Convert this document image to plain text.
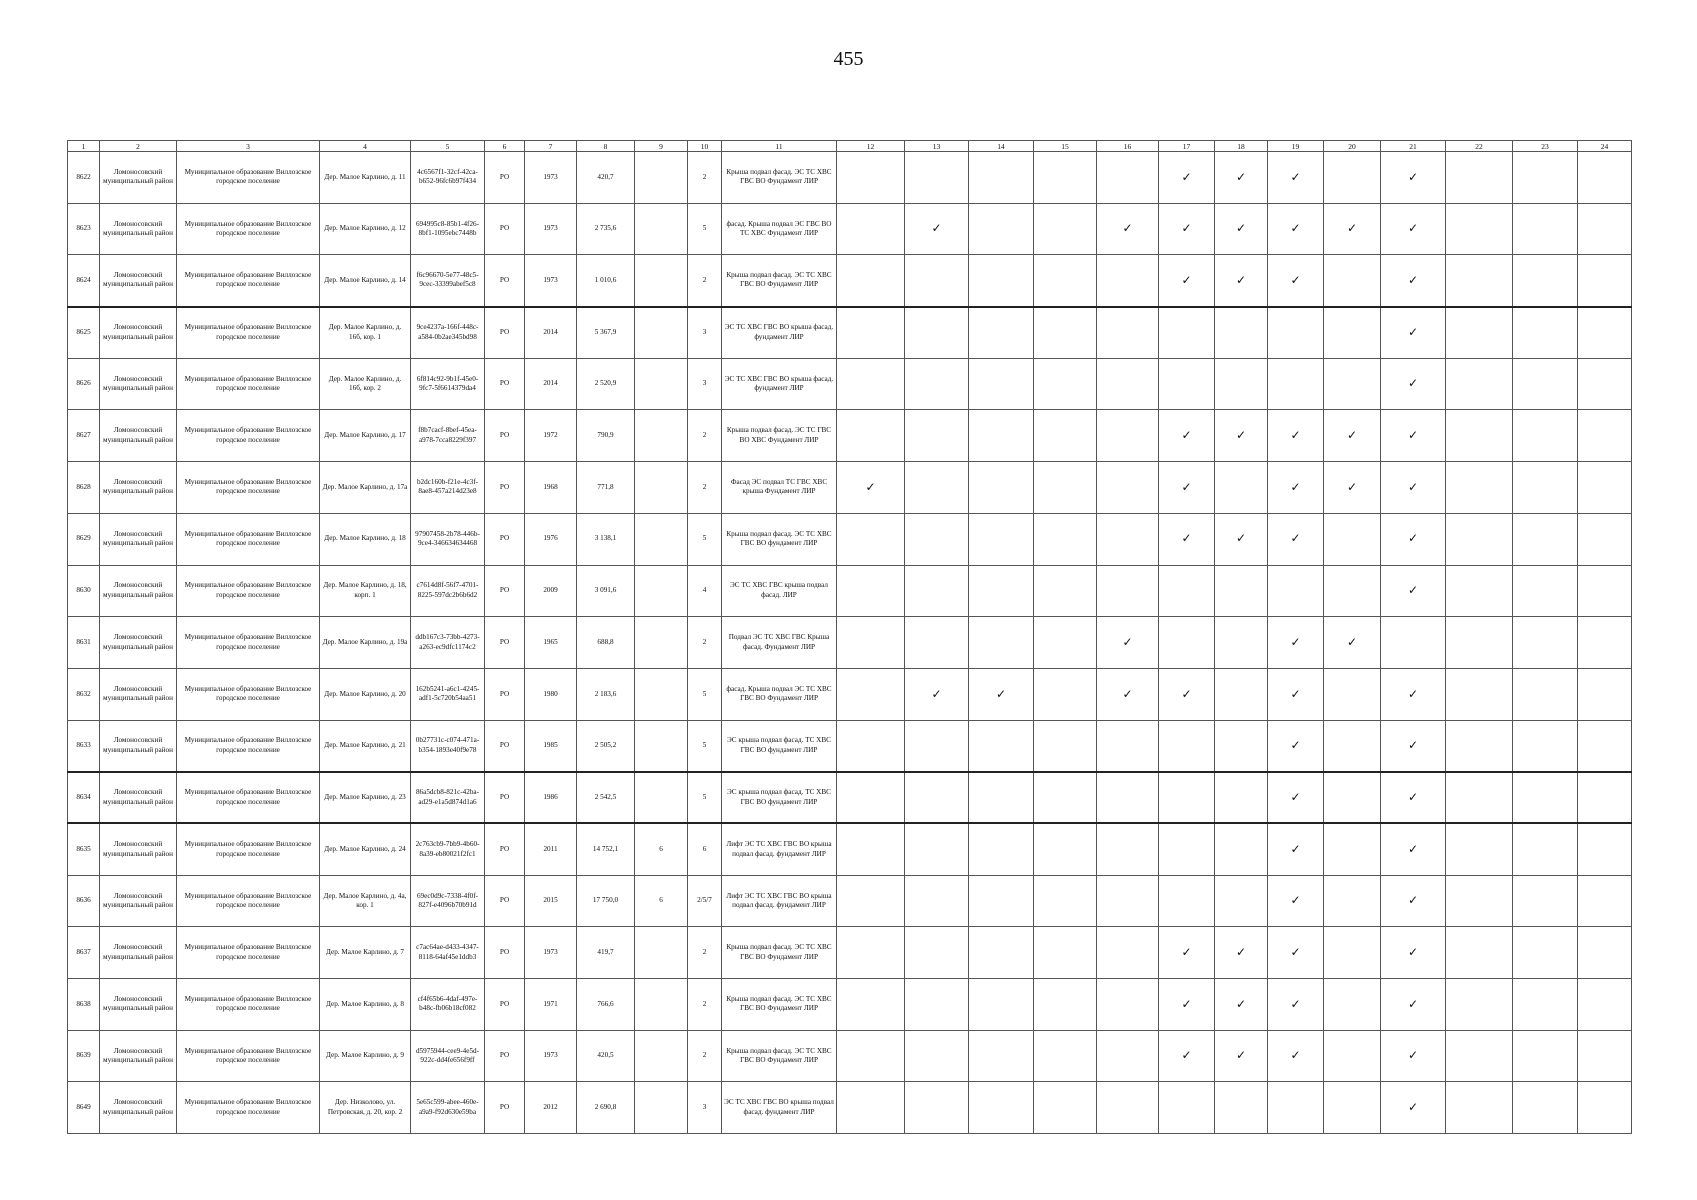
455
1	2	3	4	5	6	7	8	9	10	11	12	13	14	15	16	17	18	19	20	21	22	23	24
8622	Ломоносовский муниципальный район	Муниципальное образование Виллозское городское поселение	Дер. Малое Карлино, д. 11	4c6567f1-32cf-42ca-b652-96fc6b97f434	РО	1973	420,7		2	Крыша подвал фасад. ЭС ТС ХВС ГВС ВО Фундамент ЛИР						✓	✓	✓		✓			
8623	Ломоносовский муниципальный район	Муниципальное образование Виллозское городское поселение	Дер. Малое Карлино, д. 12	694995c8-85b1-4f26-8bf1-1095ebc7448b	РО	1973	2 735,6		5	фасад. Крыша подвал ЭС ГВС ВО ТС ХВС Фундамент ЛИР		✓			✓	✓	✓	✓	✓	✓			
8624	Ломоносовский муниципальный район	Муниципальное образование Виллозское городское поселение	Дер. Малое Карлино, д. 14	f6c96670-5e77-48c5-9cec-33399abef5c8	РО	1973	1 010,6		2	Крыша подвал фасад. ЭС ТС ХВС ГВС ВО Фундамент ЛИР						✓	✓	✓		✓			
8625	Ломоносовский муниципальный район	Муниципальное образование Виллозское городское поселение	Дер. Малое Карлино, д. 16б, кор. 1	9ce4237a-166f-448c-a584-0b2ae345bd98	РО	2014	5 367,9		3	ЭС ТС ХВС ГВС ВО крыша фасад. фундамент ЛИР										✓			
8626	Ломоносовский муниципальный район	Муниципальное образование Виллозское городское поселение	Дер. Малое Карлино, д. 16б, кор. 2	6f814c92-9b1f-45e0-9fc7-5f6614379da4	РО	2014	2 520,9		3	ЭС ТС ХВС ГВС ВО крыша фасад. фундамент ЛИР										✓			
8627	Ломоносовский муниципальный район	Муниципальное образование Виллозское городское поселение	Дер. Малое Карлино, д. 17	f8b7cacf-8bef-45ea-a978-7cca8229f397	РО	1972	790,9		2	Крыша подвал фасад. ЭС ТС ГВС ВО ХВС Фундамент ЛИР						✓	✓	✓	✓	✓			
8628	Ломоносовский муниципальный район	Муниципальное образование Виллозское городское поселение	Дер. Малое Карлино, д. 17а	b2dc160b-f21e-4c3f-8ae8-457a214d23e8	РО	1968	771,8		2	Фасад ЭС подвал ТС ГВС ХВС крыша Фундамент ЛИР	✓					✓		✓	✓	✓			
8629	Ломоносовский муниципальный район	Муниципальное образование Виллозское городское поселение	Дер. Малое Карлино, д. 18	97907458-2b78-446b-9ce4-346634634468	РО	1976	3 138,1		5	Крыша подвал фасад. ЭС ТС ХВС ГВС ВО фундамент ЛИР						✓	✓	✓		✓			
8630	Ломоносовский муниципальный район	Муниципальное образование Виллозское городское поселение	Дер. Малое Карлино, д. 18, корп. 1	c7614d8f-56f7-4701-8225-597dc2b6b6d2	РО	2009	3 091,6		4	ЭС ТС ХВС ГВС крыша подвал фасад. ЛИР										✓			
8631	Ломоносовский муниципальный район	Муниципальное образование Виллозское городское поселение	Дер. Малое Карлино, д. 19а	ddb167c3-73bb-4273-a263-ec9dfc1174c2	РО	1965	688,8		2	Подвал ЭС ТС ХВС ГВС Крыша фасад. Фундамент ЛИР					✓			✓	✓				
8632	Ломоносовский муниципальный район	Муниципальное образование Виллозское городское поселение	Дер. Малое Карлино, д. 20	162b5241-a6c1-4245-adf1-5c720b54aa51	РО	1980	2 183,6		5	фасад. Крыша подвал ЭС ТС ХВС ГВС ВО Фундамент ЛИР		✓	✓		✓	✓		✓		✓			
8633	Ломоносовский муниципальный район	Муниципальное образование Виллозское городское поселение	Дер. Малое Карлино, д. 21	0b27731c-c074-471a-b354-1893e40f9e78	РО	1985	2 505,2		5	ЭС крыша подвал фасад. ТС ХВС ГВС ВО фундамент ЛИР								✓		✓			
8634	Ломоносовский муниципальный район	Муниципальное образование Виллозское городское поселение	Дер. Малое Карлино, д. 23	86a5dcb8-821c-42ba-ad29-e1a5d874d1a6	РО	1986	2 542,5		5	ЭС крыша подвал фасад. ТС ХВС ГВС ВО фундамент ЛИР								✓		✓			
8635	Ломоносовский муниципальный район	Муниципальное образование Виллозское городское поселение	Дер. Малое Карлино, д. 24	2c763cb9-7bb9-4b60-8a39-eb80021f2fc1	РО	2011	14 752,1	6	6	Лифт ЭС ТС ХВС ГВС ВО крыша подвал фасад. фундамент ЛИР								✓		✓			
8636	Ломоносовский муниципальный район	Муниципальное образование Виллозское городское поселение	Дер. Малое Карлино, д. 4а, кор. 1	69ec0d9c-7338-4f0f-827f-e4096b70b91d	РО	2015	17 750,0	6	2/5/7	Лифт ЭС ТС ХВС ГВС ВО крыша подвал фасад. фундамент ЛИР								✓		✓			
8637	Ломоносовский муниципальный район	Муниципальное образование Виллозское городское поселение	Дер. Малое Карлино, д. 7	c7ac64ae-d433-4347-8118-64af45e1ddb3	РО	1973	419,7		2	Крыша подвал фасад. ЭС ТС ХВС ГВС ВО Фундамент ЛИР						✓	✓	✓		✓			
8638	Ломоносовский муниципальный район	Муниципальное образование Виллозское городское поселение	Дер. Малое Карлино, д. 8	cf4f65b6-4daf-497e-b48c-fb06b18cf082	РО	1971	766,6		2	Крыша подвал фасад. ЭС ТС ХВС ГВС ВО Фундамент ЛИР						✓	✓	✓		✓			
8639	Ломоносовский муниципальный район	Муниципальное образование Виллозское городское поселение	Дер. Малое Карлино, д. 9	d5975944-cee9-4e5d-922c-dd4fe656f9ff	РО	1973	420,5		2	Крыша подвал фасад. ЭС ТС ХВС ГВС ВО Фундамент ЛИР						✓	✓	✓		✓			
8649	Ломоносовский муниципальный район	Муниципальное образование Виллозское городское поселение	Дер. Низколово, ул. Петровская, д. 20, кор. 2	5e65c599-abee-460e-a9a9-f92d630e59ba	РО	2012	2 690,8		3	ЭС ТС ХВС ГВС ВО крыша подвал фасад. фундамент ЛИР										✓			
